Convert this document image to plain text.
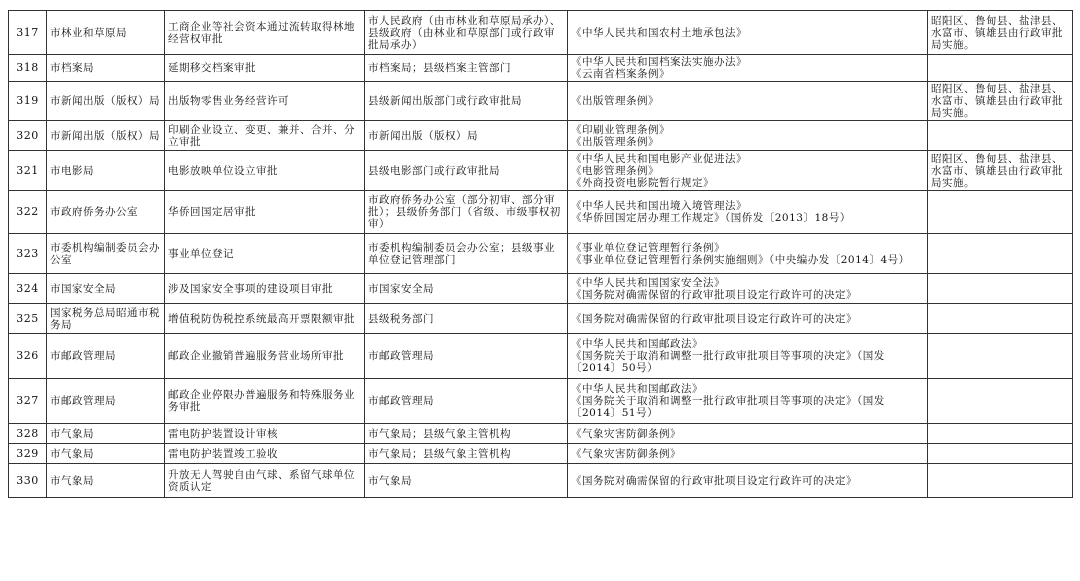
317	市林业和草原局	工商企业等社会资本通过流转取得林地经营权审批	市人民政府（由市林业和草原局承办）、县级政府（由林业和草原部门或行政审批局承办）	《中华人民共和国农村土地承包法》	昭阳区、鲁甸县、盐津县、水富市、镇雄县由行政审批局实施。
318	市档案局	延期移交档案审批	市档案局；县级档案主管部门	《中华人民共和国档案法实施办法》
《云南省档案条例》	
319	市新闻出版（版权）局	出版物零售业务经营许可	县级新闻出版部门或行政审批局	《出版管理条例》	昭阳区、鲁甸县、盐津县、水富市、镇雄县由行政审批局实施。
320	市新闻出版（版权）局	印刷企业设立、变更、兼并、合并、分立审批	市新闻出版（版权）局	《印刷业管理条例》
《出版管理条例》	
321	市电影局	电影放映单位设立审批	县级电影部门或行政审批局	《中华人民共和国电影产业促进法》
《电影管理条例》
《外商投资电影院暂行规定》	昭阳区、鲁甸县、盐津县、水富市、镇雄县由行政审批局实施。
322	市政府侨务办公室	华侨回国定居审批	市政府侨务办公室（部分初审、部分审批）；县级侨务部门（省级、市级事权初审）	《中华人民共和国出境入境管理法》
《华侨回国定居办理工作规定》（国侨发〔2013〕18号）	
323	市委机构编制委员会办公室	事业单位登记	市委机构编制委员会办公室；县级事业单位登记管理部门	《事业单位登记管理暂行条例》
《事业单位登记管理暂行条例实施细则》（中央编办发〔2014〕4号）	
324	市国家安全局	涉及国家安全事项的建设项目审批	市国家安全局	《中华人民共和国国家安全法》
《国务院对确需保留的行政审批项目设定行政许可的决定》	
325	国家税务总局昭通市税务局	增值税防伪税控系统最高开票限额审批	县级税务部门	《国务院对确需保留的行政审批项目设定行政许可的决定》	
326	市邮政管理局	邮政企业撤销普遍服务营业场所审批	市邮政管理局	《中华人民共和国邮政法》
《国务院关于取消和调整一批行政审批项目等事项的决定》（国发〔2014〕50号）	
327	市邮政管理局	邮政企业停限办普遍服务和特殊服务业务审批	市邮政管理局	《中华人民共和国邮政法》
《国务院关于取消和调整一批行政审批项目等事项的决定》（国发〔2014〕51号）	
328	市气象局	雷电防护装置设计审核	市气象局；县级气象主管机构	《气象灾害防御条例》	
329	市气象局	雷电防护装置竣工验收	市气象局；县级气象主管机构	《气象灾害防御条例》	
330	市气象局	升放无人驾驶自由气球、系留气球单位资质认定	市气象局	《国务院对确需保留的行政审批项目设定行政许可的决定》	
